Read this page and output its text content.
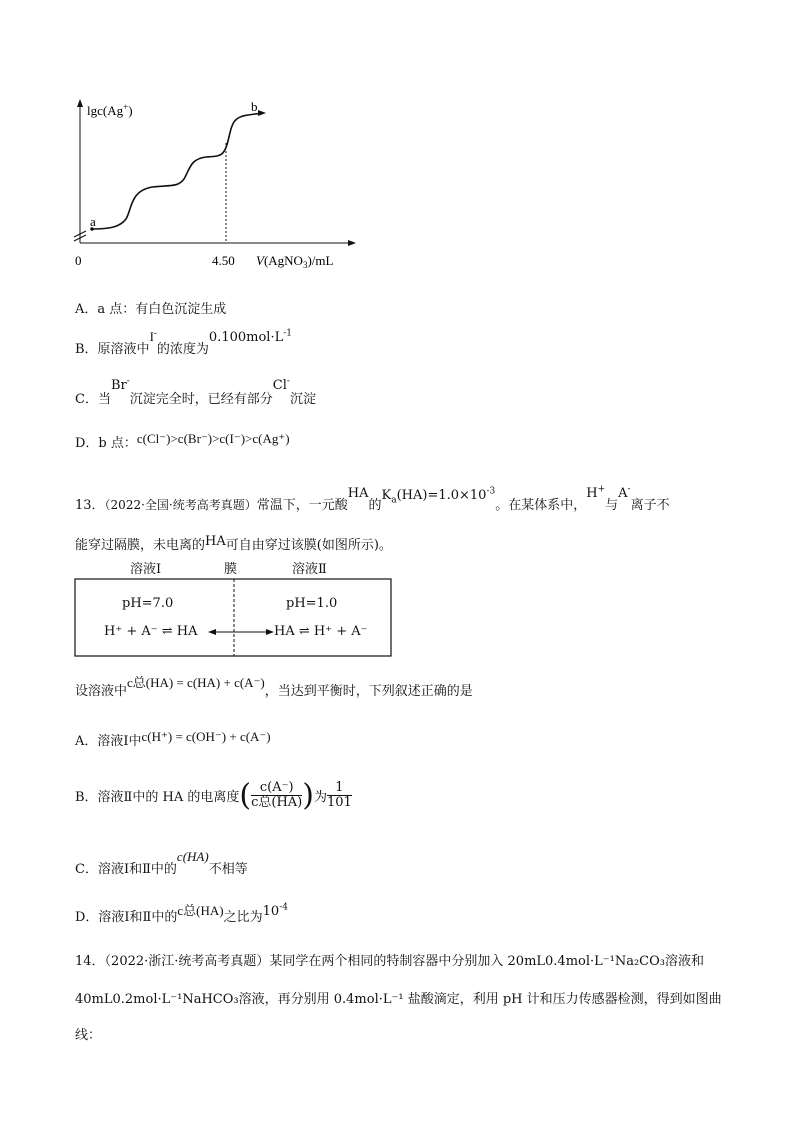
a
b
lgc(Ag+)
0	4.50 V(AgNO$_3$)/mL
A．a 点：有白色沉淀生成
B．原溶液中I-的浓度为$0.100mol\cdot L^{-1}$
C．当Br-沉淀完全时，已经有部分Cl-沉淀
D．b 点：c(Cl⁻)>c(Br⁻)>c(I⁻)>c(Ag⁺)
13．（2022·全国·统考高考真题）常温下，一元酸HA的$K_a(HA)=1.0\times 10^{-3}$。在某体系中，H+与A-离子不
能穿过隔膜，未电离的HA可自由穿过该膜(如图所示)。
溶液Ⅰ	膜	溶液Ⅱ
pH=7.0	pH=1.0
H⁺ + A⁻ ⇌ HA	HA ⇌ H⁺ + A⁻
设溶液中c总(HA) = c(HA) + c(A⁻)，当达到平衡时，下列叙述正确的是
A．溶液Ⅰ中c(H⁺) = c(OH⁻) + c(A⁻)
B．溶液Ⅱ中的 HA 的电离度( $\frac{c(A^-)}{\text{c总(HA)}}$ )为 $\frac{1}{101}$
C．溶液Ⅰ和Ⅱ中的c(HA)不相等
D．溶液Ⅰ和Ⅱ中的c总(HA)之比为$10^{-4}$
14．（2022·浙江·统考高考真题）某同学在两个相同的特制容器中分别加入 20mL0.4mol·L⁻¹Na₂CO₃溶液和
40mL0.2mol·L⁻¹NaHCO₃溶液，再分别用 0.4mol·L⁻¹ 盐酸滴定，利用 pH 计和压力传感器检测，得到如图曲
线：
